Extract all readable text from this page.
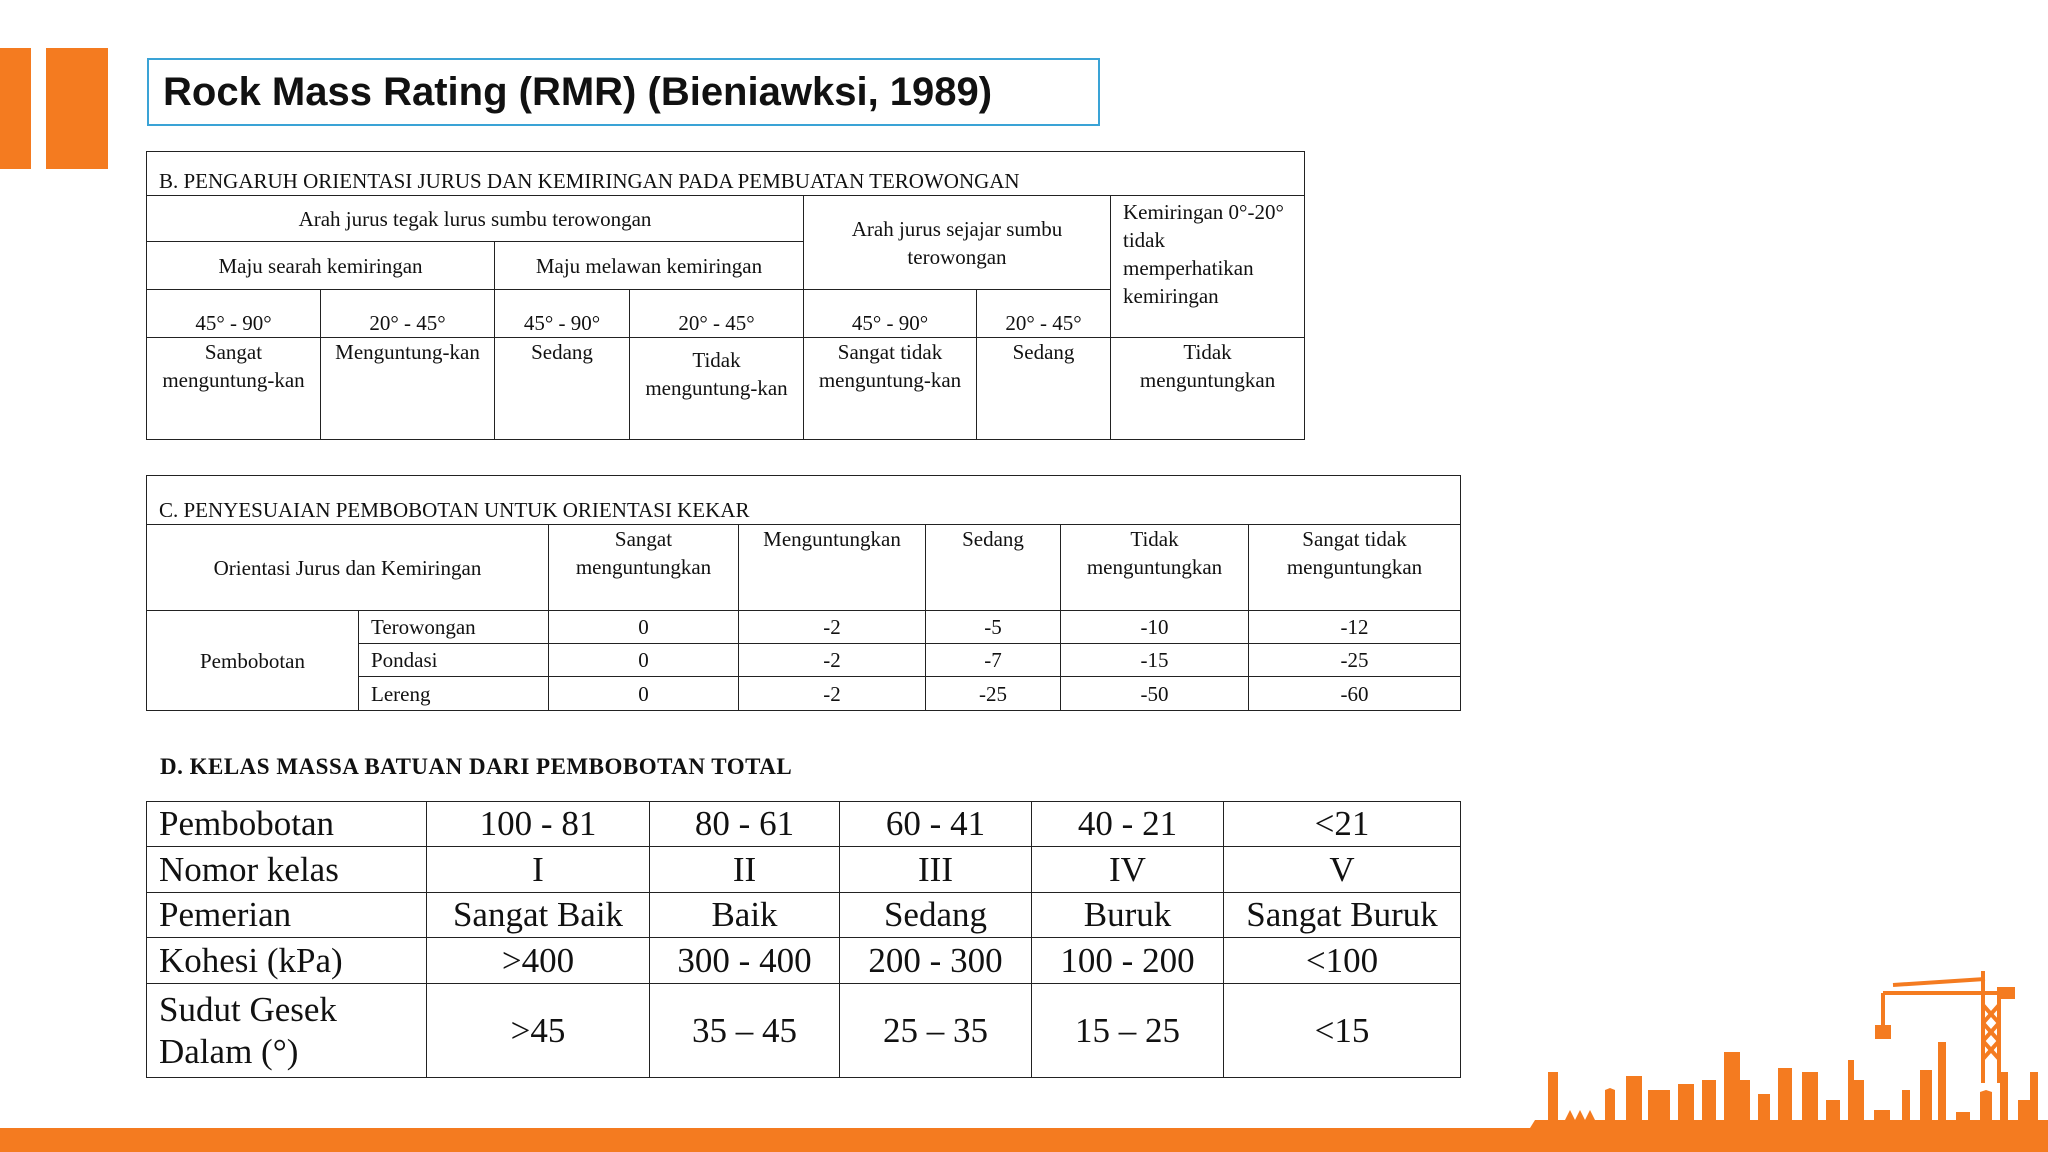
Rock Mass Rating (RMR) (Bieniawksi, 1989)
B. PENGARUH ORIENTASI JURUS DAN KEMIRINGAN PADA PEMBUATAN TEROWONGAN						
Arah jurus tegak lurus sumbu terowongan				Arah jurus sejajar sumbu terowongan		Kemiringan 0°-20° tidak memperhatikan kemiringan
Maju searah kemiringan		Maju melawan kemiringan				
45° - 90°	20° - 45°	45° - 90°	20° - 45°	45° - 90°	20° - 45°	
Sangat menguntung-kan	Menguntung-kan	Sedang	Tidak menguntung-kan	Sangat tidak menguntung-kan	Sedang	Tidak menguntungkan
C. PENYESUAIAN PEMBOBOTAN UNTUK ORIENTASI KEKAR						
Orientasi Jurus dan Kemiringan		Sangat menguntungkan	Menguntungkan	Sedang	Tidak menguntungkan	Sangat tidak menguntungkan
Pembobotan	Terowongan	0	-2	-5	-10	-12
	Pondasi	0	-2	-7	-15	-25
	Lereng	0	-2	-25	-50	-60
D. KELAS MASSA BATUAN DARI PEMBOBOTAN TOTAL
Pembobotan	100 - 81	80 - 61	60 - 41	40 - 21	<21
Nomor kelas	I	II	III	IV	V
Pemerian	Sangat Baik	Baik	Sedang	Buruk	Sangat Buruk
Kohesi (kPa)	>400	300 - 400	200 - 300	100 - 200	<100
Sudut Gesek Dalam (°)	>45	35 – 45	25 – 35	15 – 25	<15
